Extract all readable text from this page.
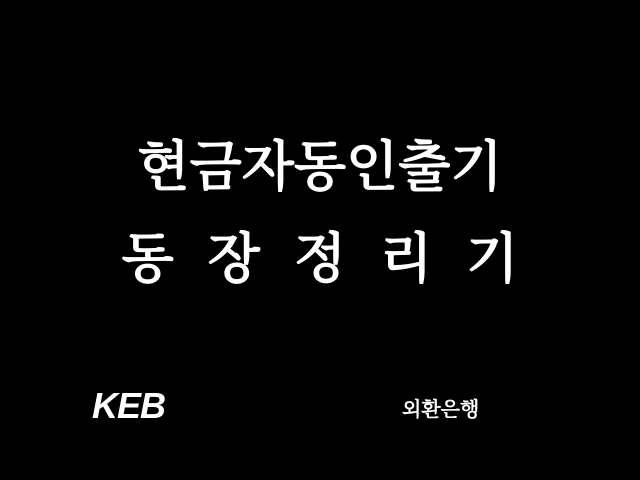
현금자동인출기
동장정리기
KEB	외환은행
